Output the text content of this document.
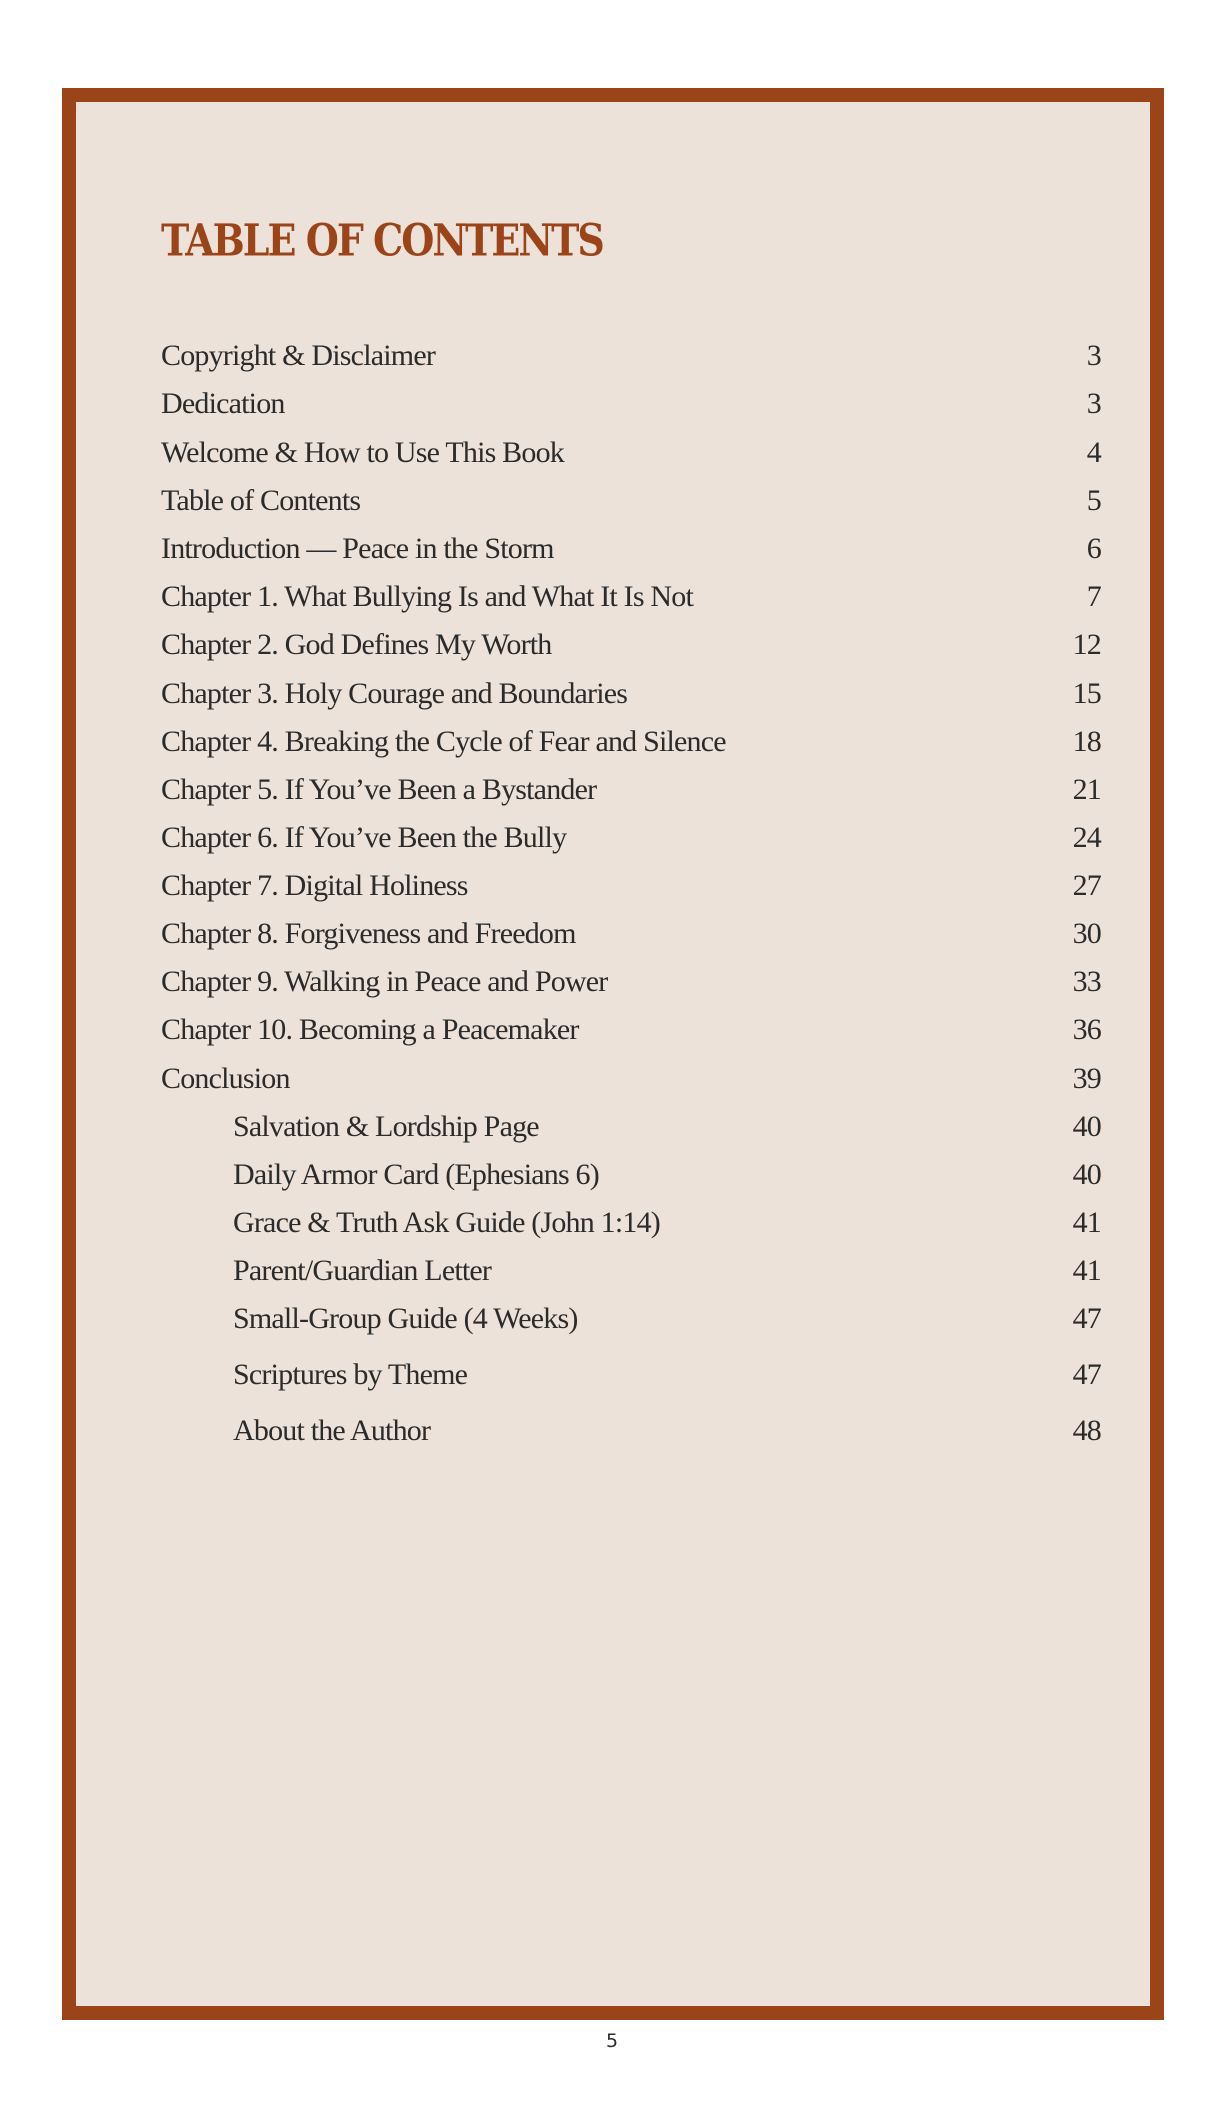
TABLE OF CONTENTS
Copyright & Disclaimer	3
Dedication	3
Welcome & How to Use This Book	4
Table of Contents	5
Introduction — Peace in the Storm	6
Chapter 1. What Bullying Is and What It Is Not	7
Chapter 2. God Defines My Worth	12
Chapter 3. Holy Courage and Boundaries	15
Chapter 4. Breaking the Cycle of Fear and Silence	18
Chapter 5. If You’ve Been a Bystander	21
Chapter 6. If You’ve Been the Bully	24
Chapter 7. Digital Holiness	27
Chapter 8. Forgiveness and Freedom	30
Chapter 9. Walking in Peace and Power	33
Chapter 10. Becoming a Peacemaker	36
Conclusion	39
Salvation & Lordship Page	40
Daily Armor Card (Ephesians 6)	40
Grace & Truth Ask Guide (John 1:14)	41
Parent/Guardian Letter	41
Small-Group Guide (4 Weeks)	47
Scriptures by Theme	47
About the Author	48
5
